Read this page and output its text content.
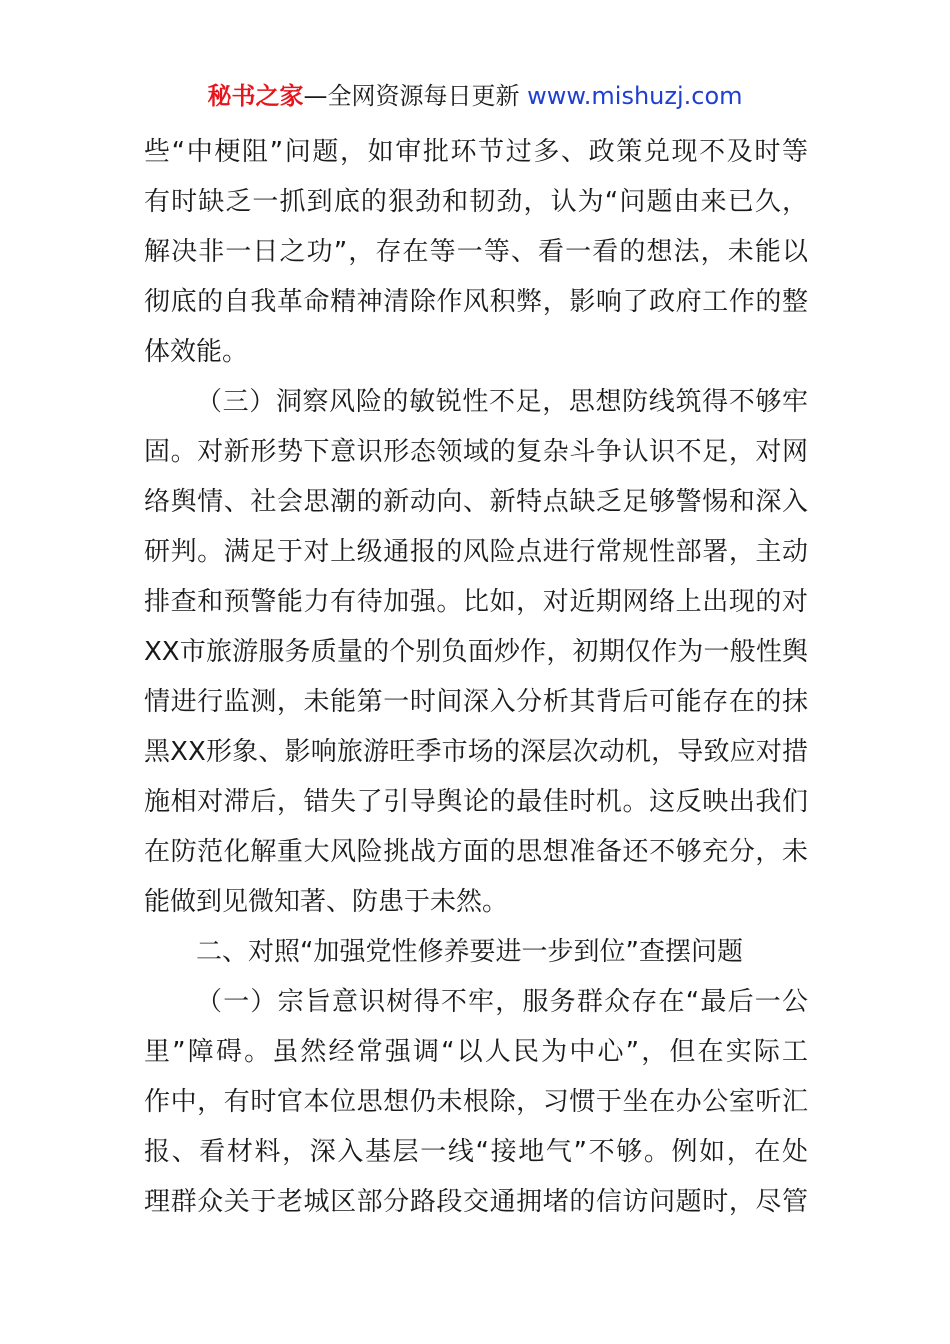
秘书之家—全网资源每日更新 www.mishuzj.com
些“中梗阻”问题，如审批环节过多、政策兑现不及时等
有时缺乏一抓到底的狠劲和韧劲，认为“问题由来已久，
解决非一日之功”，存在等一等、看一看的想法，未能以
彻底的自我革命精神清除作风积弊，影响了政府工作的整
体效能。
（三）洞察风险的敏锐性不足，思想防线筑得不够牢
固。对新形势下意识形态领域的复杂斗争认识不足，对网
络舆情、社会思潮的新动向、新特点缺乏足够警惕和深入
研判。满足于对上级通报的风险点进行常规性部署，主动
排查和预警能力有待加强。比如，对近期网络上出现的对
XX市旅游服务质量的个别负面炒作，初期仅作为一般性舆
情进行监测，未能第一时间深入分析其背后可能存在的抹
黑XX形象、影响旅游旺季市场的深层次动机，导致应对措
施相对滞后，错失了引导舆论的最佳时机。这反映出我们
在防范化解重大风险挑战方面的思想准备还不够充分，未
能做到见微知著、防患于未然。
二、对照“加强党性修养要进一步到位”查摆问题
（一）宗旨意识树得不牢，服务群众存在“最后一公
里”障碍。虽然经常强调“以人民为中心”，但在实际工
作中，有时官本位思想仍未根除，习惯于坐在办公室听汇
报、看材料，深入基层一线“接地气”不够。例如，在处
理群众关于老城区部分路段交通拥堵的信访问题时，尽管
